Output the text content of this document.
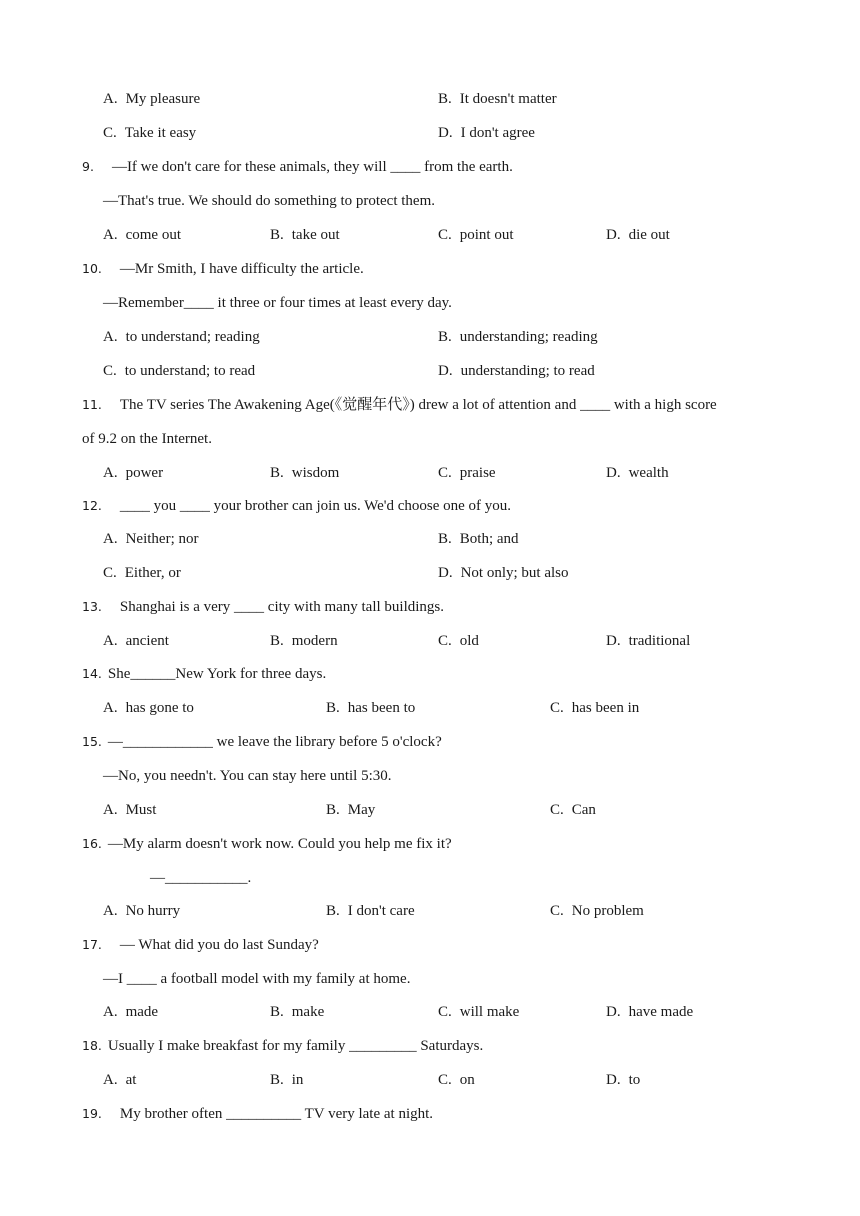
A. My pleasure	B. It doesn't matter
C. Take it easy	D. I don't agree
9. —If we don't care for these animals, they will ____ from the earth.
—That's true. We should do something to protect them.
A. come out	B. take out	C. point out	D. die out
10. —Mr Smith, I have difficulty the article.
—Remember____ it three or four times at least every day.
A. to understand; reading	B. understanding; reading
C. to understand; to read	D. understanding; to read
11. The TV series The Awakening Age(《觉醒年代》) drew a lot of attention and ____ with a high score
of 9.2 on the Internet.
A. power	B. wisdom	C. praise	D. wealth
12. ____ you ____ your brother can join us. We'd choose one of you.
A. Neither; nor	B. Both; and
C. Either, or	D. Not only; but also
13. Shanghai is a very ____ city with many tall buildings.
A. ancient	B. modern	C. old	D. traditional
14. She______New York for three days.
A. has gone to	B. has been to	C. has been in
15. —____________ we leave the library before 5 o'clock?
—No, you needn't. You can stay here until 5:30.
A. Must	B. May	C. Can
16. —My alarm doesn't work now. Could you help me fix it?
—___________.
A. No hurry	B. I don't care	C. No problem
17. — What did you do last Sunday?
—I ____ a football model with my family at home.
A. made	B. make	C. will make	D. have made
18. Usually I make breakfast for my family _________ Saturdays.
A. at	B. in	C. on	D. to
19. My brother often __________ TV very late at night.
